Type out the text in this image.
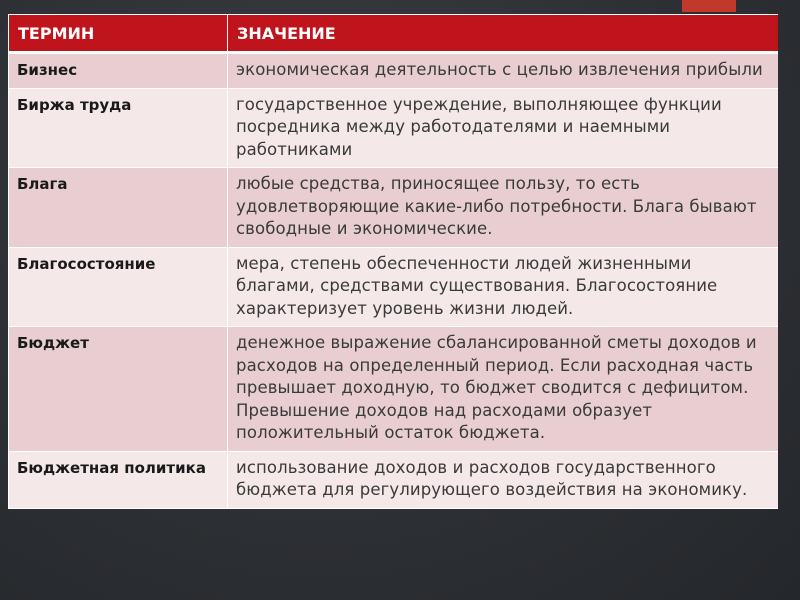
ТЕРМИН	ЗНАЧЕНИЕ
Бизнес	экономическая деятельность с целью извлечения прибыли
Биржа труда	государственное учреждение, выполняющее функции посредника между работодателями и наемными работниками
Блага	любые средства, приносящее пользу, то есть удовлетворяющие какие-либо потребности. Блага бывают свободные и экономические.
Благосостояние	мера, степень обеспеченности людей жизненными благами, средствами существования. Благосостояние характеризует уровень жизни людей.
Бюджет	денежное выражение сбалансированной сметы доходов и расходов на определенный период. Если расходная часть превышает доходную, то бюджет сводится с дефицитом. Превышение доходов над расходами образует положительный остаток бюджета.
Бюджетная политика	использование доходов и расходов государственного бюджета для регулирующего воздействия на экономику.
